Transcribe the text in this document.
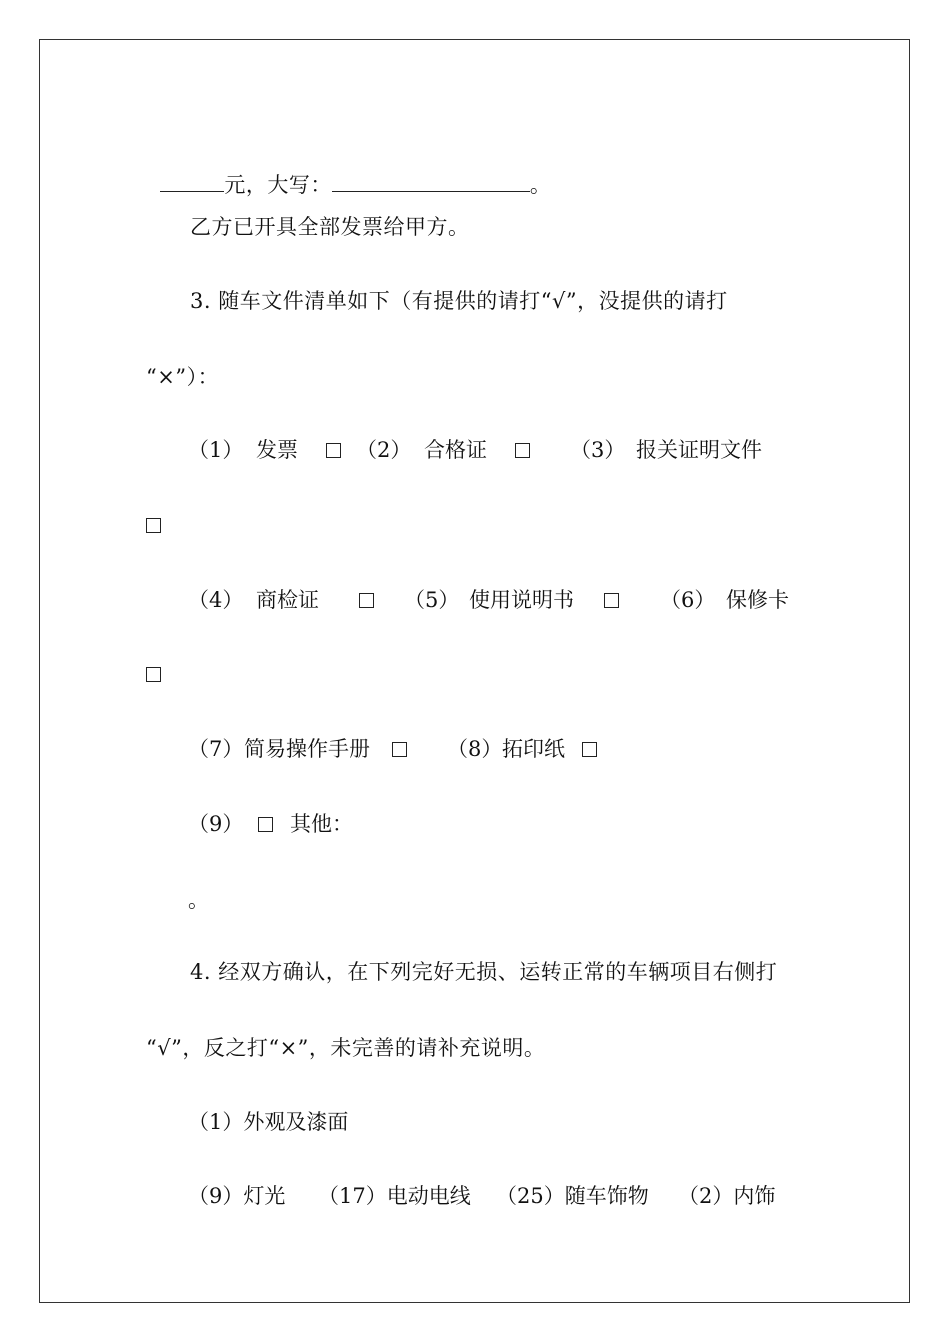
元，大写：	。

乙方已开具全部发票给甲方。
3. 随车文件清单如下（有提供的请打“√”，没提供的请打
“×”）：
（1） 发票	（2） 合格证	（3） 报关证明文件
（4） 商检证	（5） 使用说明书	（6） 保修卡
（7） 简易操作手册	（8） 拓印纸
（9） 其他：
。
4. 经双方确认，在下列完好无损、运转正常的车辆项目右侧打
“√”，反之打“×”，未完善的请补充说明。
（1）外观及漆面
（9）灯光 （17）电动电线 （25）随车饰物 （2）内饰
